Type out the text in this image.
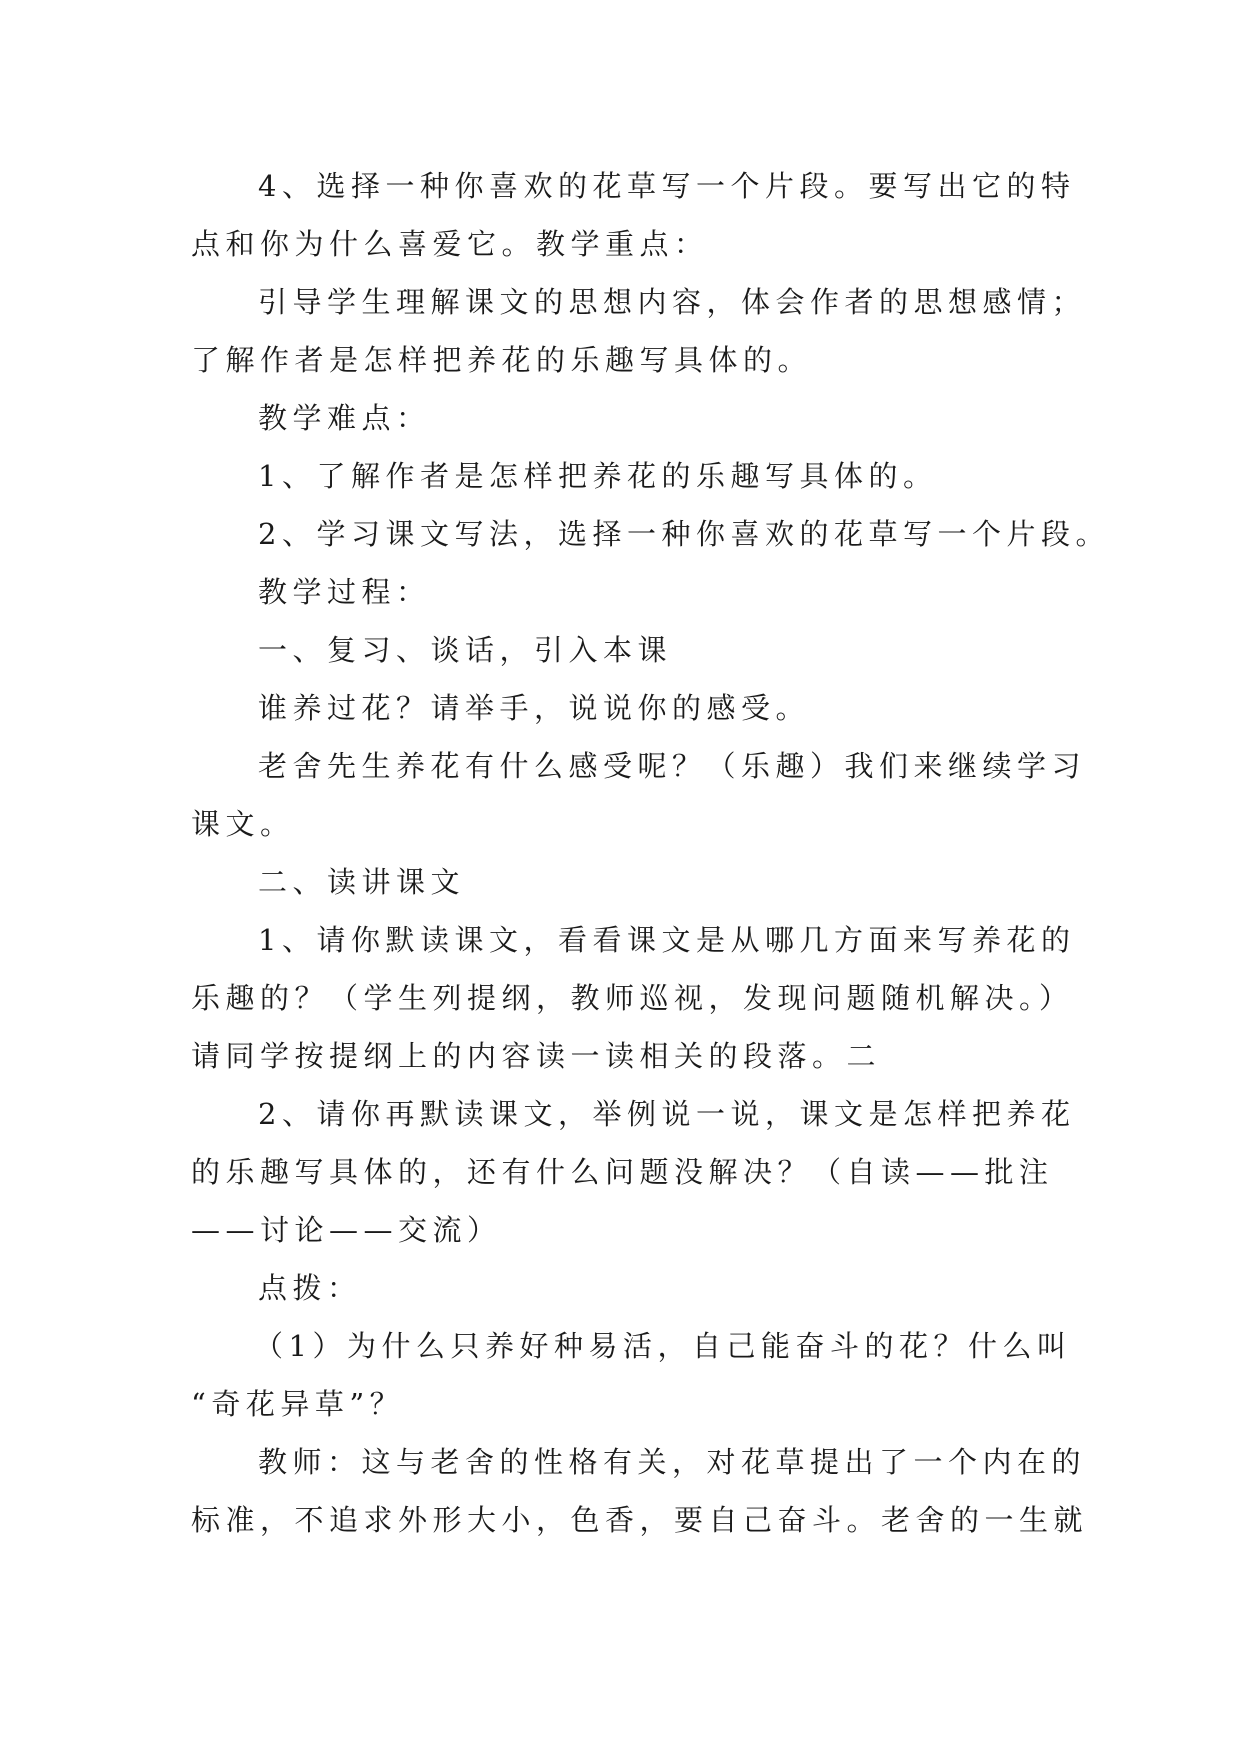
4、选择一种你喜欢的花草写一个片段。要写出它的特
点和你为什么喜爱它。教学重点：
引导学生理解课文的思想内容，体会作者的思想感情；
了解作者是怎样把养花的乐趣写具体的。
教学难点：
1、了解作者是怎样把养花的乐趣写具体的。
2、学习课文写法，选择一种你喜欢的花草写一个片段。
教学过程：
一、复习、谈话，引入本课
谁养过花？请举手，说说你的感受。
老舍先生养花有什么感受呢？（乐趣）我们来继续学习
课文。
二、读讲课文
1、请你默读课文，看看课文是从哪几方面来写养花的
乐趣的？（学生列提纲，教师巡视，发现问题随机解决。）
请同学按提纲上的内容读一读相关的段落。二
2、请你再默读课文，举例说一说，课文是怎样把养花
的乐趣写具体的，还有什么问题没解决？（自读——批注
——讨论——交流）
点拨：
（1）为什么只养好种易活，自己能奋斗的花？什么叫
“奇花异草”？
教师：这与老舍的性格有关，对花草提出了一个内在的
标准，不追求外形大小，色香，要自己奋斗。老舍的一生就
